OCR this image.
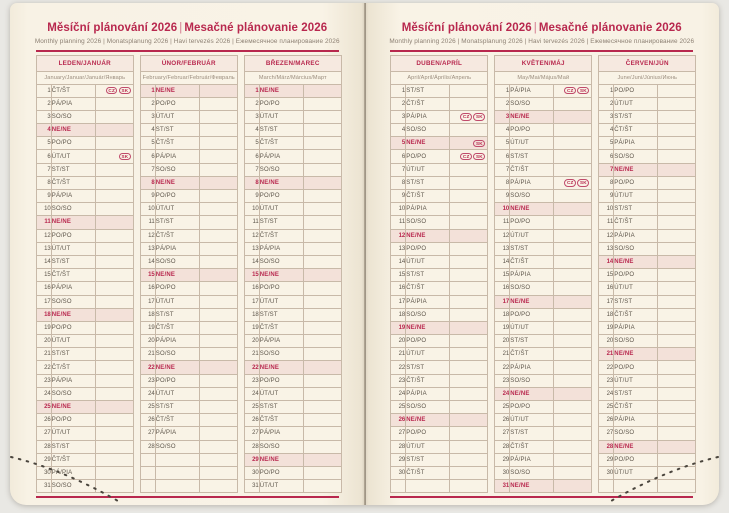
Měsíční plánování 2026 | Mesačné plánovanie 2026
Monthly planning 2026 | Monatsplanung 2026 | Havi tervezés 2026 | Ежемесячное планирование 2026
LEDEN/JANUÁR		
January/Januar/Január/Январь		
1	ČT/ŠT	CZ SK

2	PÁ/PIA	
3	SO/SO	
4	NE/NE	
5	PO/PO	
6	ÚT/UT	SK

7	ST/ST	
8	ČT/ŠT	
9	PÁ/PIA	
10	SO/SO	
11	NE/NE	
12	PO/PO	
13	ÚT/UT	
14	ST/ST	
15	ČT/ŠT	
16	PÁ/PIA	
17	SO/SO	
18	NE/NE	
19	PO/PO	
20	ÚT/UT	
21	ST/ST	
22	ČT/ŠT	
23	PÁ/PIA	
24	SO/SO	
25	NE/NE	
26	PO/PO	
27	ÚT/UT	
28	ST/ST	
29	ČT/ŠT	
30	PÁ/PIA	
31	SO/SO	
ÚNOR/FEBRUÁR		
February/Februar/Február/Февраль		
1	NE/NE	
2	PO/PO	
3	ÚT/UT	
4	ST/ST	
5	ČT/ŠT	
6	PÁ/PIA	
7	SO/SO	
8	NE/NE	
9	PO/PO	
10	ÚT/UT	
11	ST/ST	
12	ČT/ŠT	
13	PÁ/PIA	
14	SO/SO	
15	NE/NE	
16	PO/PO	
17	ÚT/UT	
18	ST/ST	
19	ČT/ŠT	
20	PÁ/PIA	
21	SO/SO	
22	NE/NE	
23	PO/PO	
24	ÚT/UT	
25	ST/ST	
26	ČT/ŠT	
27	PÁ/PIA	
28	SO/SO	

BŘEZEN/MAREC		
March/März/Március/Март		
1	NE/NE	
2	PO/PO	
3	ÚT/UT	
4	ST/ST	
5	ČT/ŠT	
6	PÁ/PIA	
7	SO/SO	
8	NE/NE	
9	PO/PO	
10	ÚT/UT	
11	ST/ST	
12	ČT/ŠT	
13	PÁ/PIA	
14	SO/SO	
15	NE/NE	
16	PO/PO	
17	ÚT/UT	
18	ST/ST	
19	ČT/ŠT	
20	PÁ/PIA	
21	SO/SO	
22	NE/NE	
23	PO/PO	
24	ÚT/UT	
25	ST/ST	
26	ČT/ŠT	
27	PÁ/PIA	
28	SO/SO	
29	NE/NE	
30	PO/PO	
31	ÚT/UT	
Měsíční plánování 2026 | Mesačné plánovanie 2026
Monthly planning 2026 | Monatsplanung 2026 | Havi tervezés 2026 | Ежемесячное планирование 2026
DUBEN/APRÍL		
April/April/Április/Апрель		
1	ST/ST	
2	ČT/ŠT	
3	PÁ/PIA	CZ SK

4	SO/SO	
5	NE/NE	SK

6	PO/PO	CZ SK

7	ÚT/UT	
8	ST/ST	
9	ČT/ŠT	
10	PÁ/PIA	
11	SO/SO	
12	NE/NE	
13	PO/PO	
14	ÚT/UT	
15	ST/ST	
16	ČT/ŠT	
17	PÁ/PIA	
18	SO/SO	
19	NE/NE	
20	PO/PO	
21	ÚT/UT	
22	ST/ST	
23	ČT/ŠT	
24	PÁ/PIA	
25	SO/SO	
26	NE/NE	
27	PO/PO	
28	ÚT/UT	
29	ST/ST	
30	ČT/ŠT	

KVĚTEN/MÁJ		
May/Mai/Május/Май		
1	PÁ/PIA	CZ SK

2	SO/SO	
3	NE/NE	
4	PO/PO	
5	ÚT/UT	
6	ST/ST	
7	ČT/ŠT	
8	PÁ/PIA	CZ SK

9	SO/SO	
10	NE/NE	
11	PO/PO	
12	ÚT/UT	
13	ST/ST	
14	ČT/ŠT	
15	PÁ/PIA	
16	SO/SO	
17	NE/NE	
18	PO/PO	
19	ÚT/UT	
20	ST/ST	
21	ČT/ŠT	
22	PÁ/PIA	
23	SO/SO	
24	NE/NE	
25	PO/PO	
26	ÚT/UT	
27	ST/ST	
28	ČT/ŠT	
29	PÁ/PIA	
30	SO/SO	
31	NE/NE	
ČERVEN/JÚN		
June/Juni/Június/Июнь		
1	PO/PO	
2	ÚT/UT	
3	ST/ST	
4	ČT/ŠT	
5	PÁ/PIA	
6	SO/SO	
7	NE/NE	
8	PO/PO	
9	ÚT/UT	
10	ST/ST	
11	ČT/ŠT	
12	PÁ/PIA	
13	SO/SO	
14	NE/NE	
15	PO/PO	
16	ÚT/UT	
17	ST/ST	
18	ČT/ŠT	
19	PÁ/PIA	
20	SO/SO	
21	NE/NE	
22	PO/PO	
23	ÚT/UT	
24	ST/ST	
25	ČT/ŠT	
26	PÁ/PIA	
27	SO/SO	
28	NE/NE	
29	PO/PO	
30	ÚT/UT	
